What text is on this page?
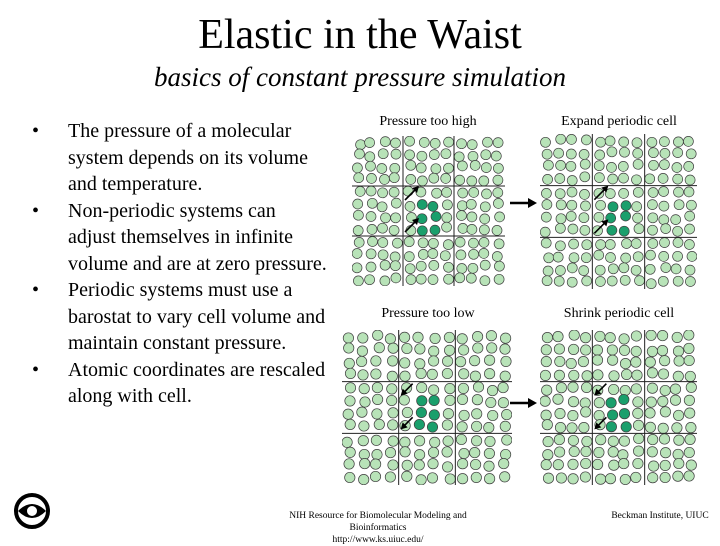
Elastic in the Waist
basics of constant pressure simulation
• The pressure of a molecular system depends on its volume and temperature.
• Non-periodic systems can adjust themselves in infinite volume and are at zero pressure.
• Periodic systems must use a barostat to vary cell volume and maintain constant pressure.
• Atomic coordinates are rescaled along with cell.
Pressure too high	Expand periodic cell
Pressure too low	Shrink periodic cell
NIH Resource for Biomolecular Modeling and Bioinformatics
http://www.ks.uiuc.edu/
Beckman Institute, UIUC
